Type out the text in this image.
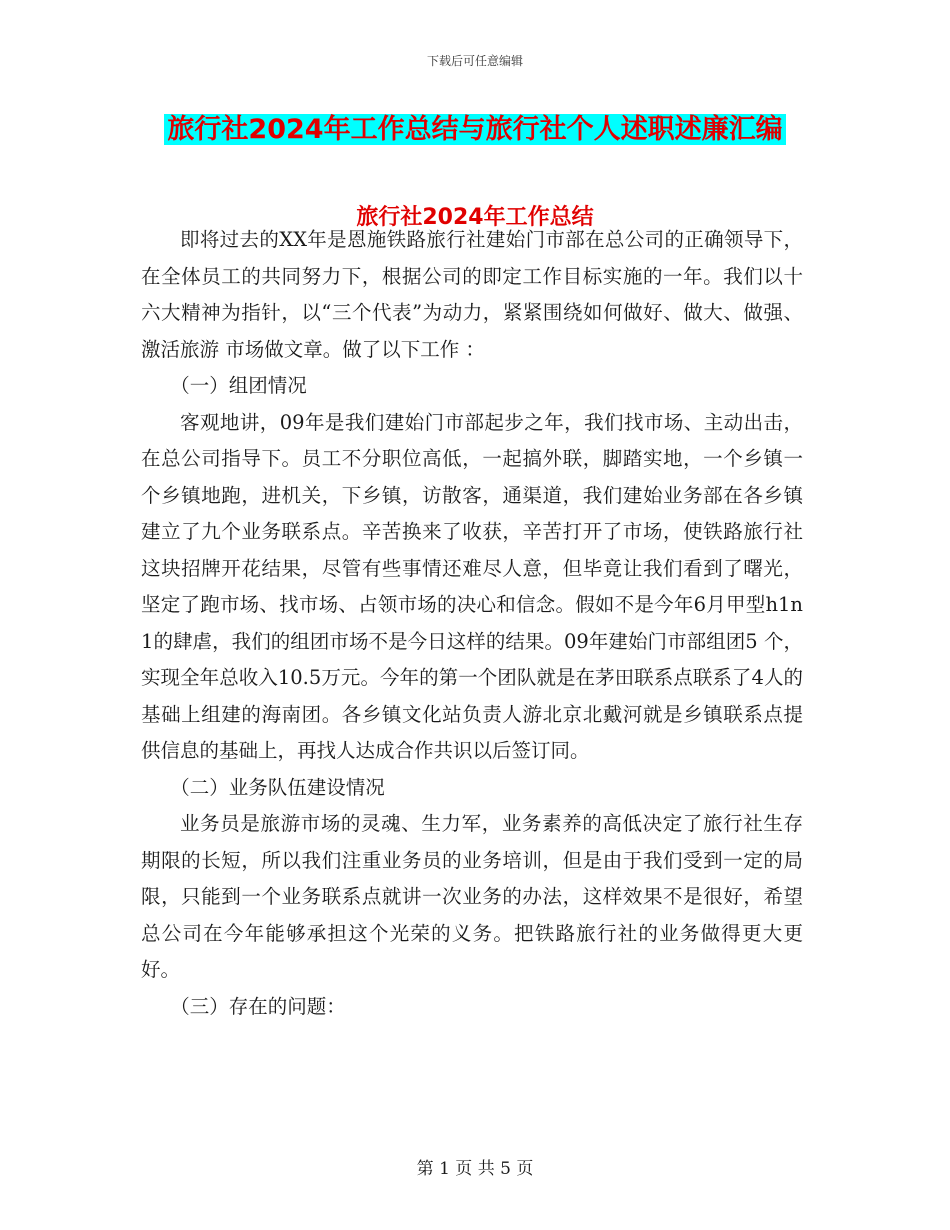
下载后可任意编辑
旅行社2024年工作总结与旅行社个人述职述廉汇编
旅行社2024年工作总结

即将过去的XX年是恩施铁路旅行社建始门市部在总公司的正确领导下，在全体员工的共同努力下，根据公司的即定工作目标实施的一年。我们以十六大精神为指针，以“三个代表”为动力，紧紧围绕如何做好、做大、做强、激活旅游 市场做文章。做了以下工作 ：

（一）组团情况

客观地讲，09年是我们建始门市部起步之年，我们找市场、主动出击，在总公司指导下。员工不分职位高低，一起搞外联，脚踏实地，一个乡镇一个乡镇地跑，进机关，下乡镇，访散客，通渠道，我们建始业务部在各乡镇建立了九个业务联系点。辛苦换来了收获，辛苦打开了市场，使铁路旅行社这块招牌开花结果，尽管有些事情还难尽人意，但毕竟让我们看到了曙光，坚定了跑市场、找市场、占领市场的决心和信念。假如不是今年6月甲型h1n1的肆虐，我们的组团市场不是今日这样的结果。09年建始门市部组团5 个，实现全年总收入10.5万元。今年的第一个团队就是在茅田联系点联系了4人的基础上组建的海南团。各乡镇文化站负责人游北京北戴河就是乡镇联系点提供信息的基础上，再找人达成合作共识以后签订同。

（二）业务队伍建设情况

业务员是旅游市场的灵魂、生力军，业务素养的高低决定了旅行社生存期限的长短，所以我们注重业务员的业务培训，但是由于我们受到一定的局限，只能到一个业务联系点就讲一次业务的办法，这样效果不是很好，希望总公司在今年能够承担这个光荣的义务。把铁路旅行社的业务做得更大更好。

（三）存在的问题：

第 1 页 共 5 页
